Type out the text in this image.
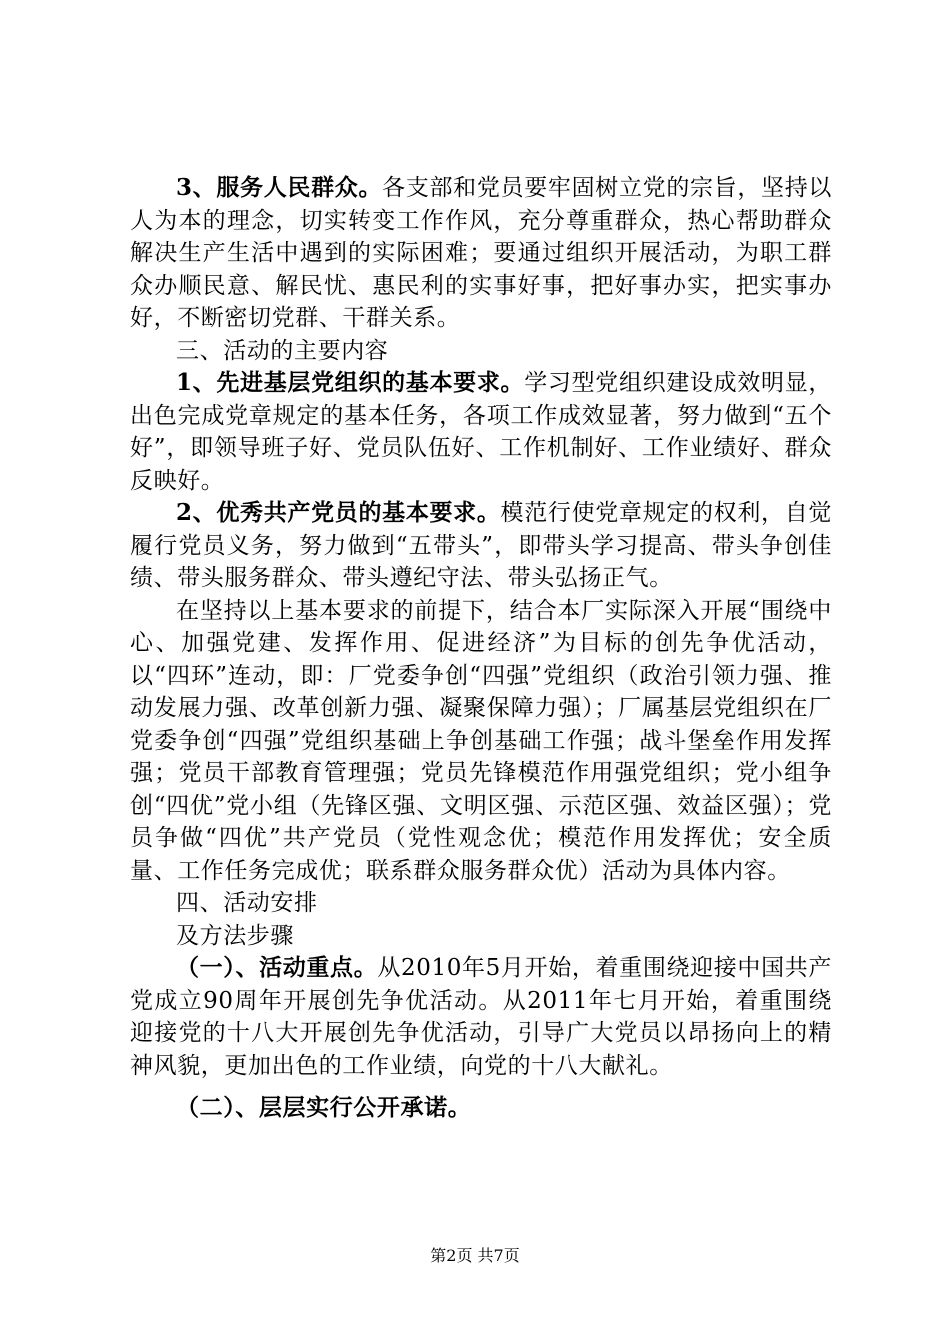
3、服务人民群众。各支部和党员要牢固树立党的宗旨，坚持以人为本的理念，切实转变工作作风，充分尊重群众，热心帮助群众解决生产生活中遇到的实际困难；要通过组织开展活动，为职工群众办顺民意、解民忧、惠民利的实事好事，把好事办实，把实事办好，不断密切党群、干群关系。

三、活动的主要内容

1、先进基层党组织的基本要求。学习型党组织建设成效明显，出色完成党章规定的基本任务，各项工作成效显著，努力做到“五个好”，即领导班子好、党员队伍好、工作机制好、工作业绩好、群众反映好。

2、优秀共产党员的基本要求。模范行使党章规定的权利，自觉履行党员义务，努力做到“五带头”，即带头学习提高、带头争创佳绩、带头服务群众、带头遵纪守法、带头弘扬正气。

在坚持以上基本要求的前提下，结合本厂实际深入开展“围绕中心、加强党建、发挥作用、促进经济”为目标的创先争优活动，以“四环”连动，即：厂党委争创“四强”党组织（政治引领力强、推动发展力强、改革创新力强、凝聚保障力强）；厂属基层党组织在厂党委争创“四强”党组织基础上争创基础工作强；战斗堡垒作用发挥强；党员干部教育管理强；党员先锋模范作用强党组织；党小组争创“四优”党小组（先锋区强、文明区强、示范区强、效益区强）；党员争做“四优”共产党员（党性观念优；模范作用发挥优；安全质量、工作任务完成优；联系群众服务群众优）活动为具体内容。

四、活动安排

及方法步骤

（一）、活动重点。从2010年5月开始，着重围绕迎接中国共产党成立90周年开展创先争优活动。从2011年七月开始，着重围绕迎接党的十八大开展创先争优活动，引导广大党员以昂扬向上的精神风貌，更加出色的工作业绩，向党的十八大献礼。

（二）、层层实行公开承诺。

第2页 共7页
